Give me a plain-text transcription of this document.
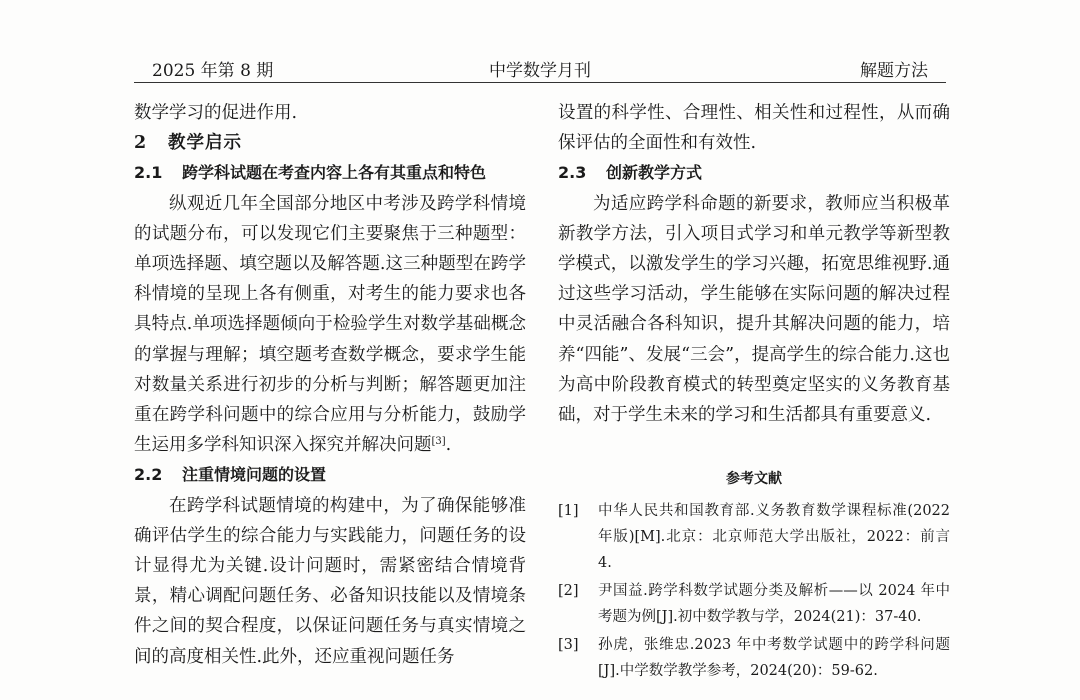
2025 年第 8 期	中学数学月刊	解题方法
数学学习的促进作用.
2 教学启示
2.1 跨学科试题在考查内容上各有其重点和特色
纵观近几年全国部分地区中考涉及跨学科情境的试题分布，可以发现它们主要聚焦于三种题型：单项选择题、填空题以及解答题.这三种题型在跨学科情境的呈现上各有侧重，对考生的能力要求也各具特点.单项选择题倾向于检验学生对数学基础概念的掌握与理解；填空题考查数学概念，要求学生能对数量关系进行初步的分析与判断；解答题更加注重在跨学科问题中的综合应用与分析能力，鼓励学生运用多学科知识深入探究并解决问题[3].
2.2 注重情境问题的设置
在跨学科试题情境的构建中，为了确保能够准确评估学生的综合能力与实践能力，问题任务的设计显得尤为关键.设计问题时，需紧密结合情境背景，精心调配问题任务、必备知识技能以及情境条件之间的契合程度，以保证问题任务与真实情境之间的高度相关性.此外，还应重视问题任务
设置的科学性、合理性、相关性和过程性，从而确保评估的全面性和有效性.
2.3 创新教学方式
为适应跨学科命题的新要求，教师应当积极革新教学方法，引入项目式学习和单元教学等新型教学模式，以激发学生的学习兴趣，拓宽思维视野.通过这些学习活动，学生能够在实际问题的解决过程中灵活融合各科知识，提升其解决问题的能力，培养“四能”、发展“三会”，提高学生的综合能力.这也为高中阶段教育模式的转型奠定坚实的义务教育基础，对于学生未来的学习和生活都具有重要意义.
参考文献
[1]	中华人民共和国教育部.义务教育数学课程标准(2022 年版)[M].北京：北京师范大学出版社，2022：前言 4.
[2]	尹国益.跨学科数学试题分类及解析——以 2024 年中考题为例[J].初中数学教与学，2024(21)：37-40.
[3]	孙虎，张维忠.2023 年中考数学试题中的跨学科问题[J].中学数学教学参考，2024(20)：59-62.
